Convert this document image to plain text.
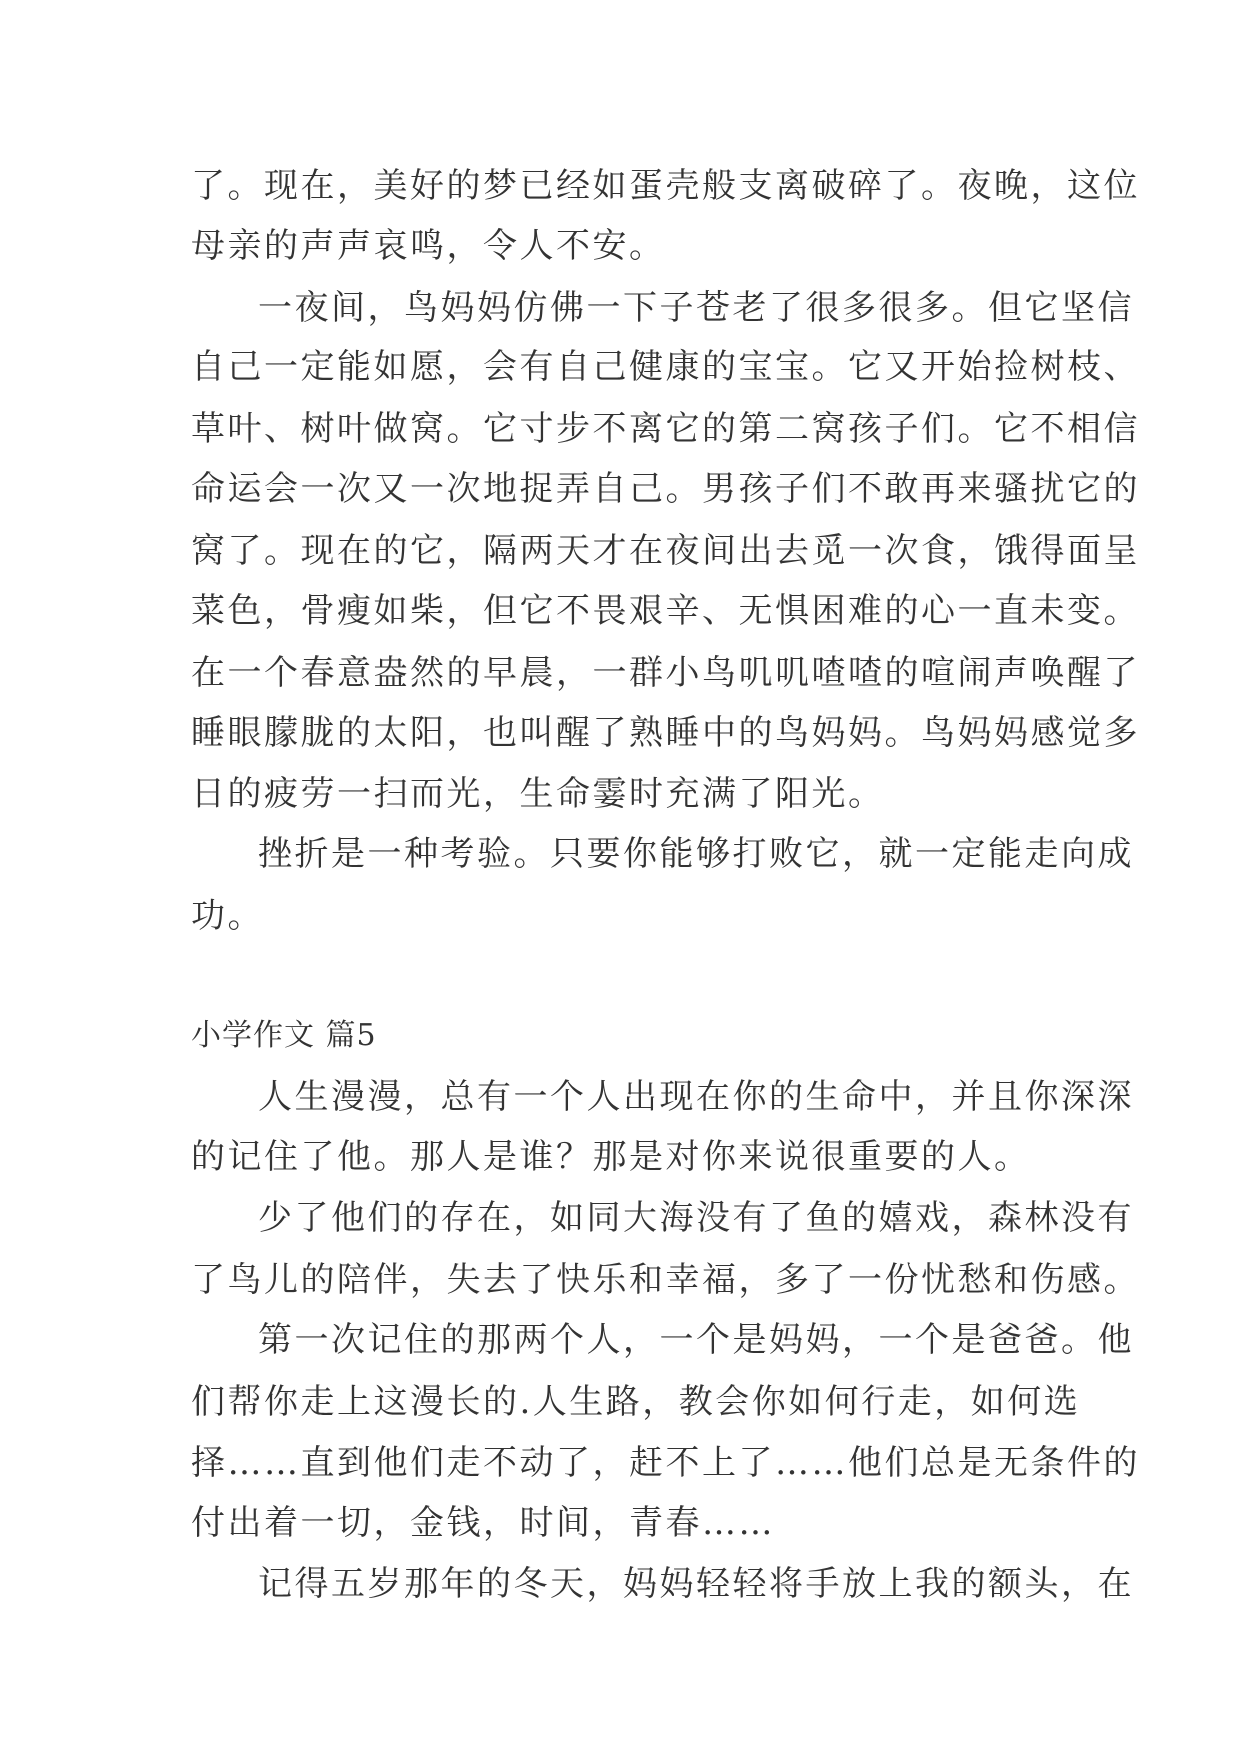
了。现在，美好的梦已经如蛋壳般支离破碎了。夜晚，这位
母亲的声声哀鸣，令人不安。
一夜间，鸟妈妈仿佛一下子苍老了很多很多。但它坚信
自己一定能如愿，会有自己健康的宝宝。它又开始捡树枝、
草叶、树叶做窝。它寸步不离它的第二窝孩子们。它不相信
命运会一次又一次地捉弄自己。男孩子们不敢再来骚扰它的
窝了。现在的它，隔两天才在夜间出去觅一次食，饿得面呈
菜色，骨瘦如柴，但它不畏艰辛、无惧困难的心一直未变。
在一个春意盎然的早晨，一群小鸟叽叽喳喳的喧闹声唤醒了
睡眼朦胧的太阳，也叫醒了熟睡中的鸟妈妈。鸟妈妈感觉多
日的疲劳一扫而光，生命霎时充满了阳光。
挫折是一种考验。只要你能够打败它，就一定能走向成
功。
小学作文 篇5
人生漫漫，总有一个人出现在你的生命中，并且你深深
的记住了他。那人是谁？那是对你来说很重要的人。
少了他们的存在，如同大海没有了鱼的嬉戏，森林没有
了鸟儿的陪伴，失去了快乐和幸福，多了一份忧愁和伤感。
第一次记住的那两个人，一个是妈妈，一个是爸爸。他
们帮你走上这漫长的.人生路，教会你如何行走，如何选
择……直到他们走不动了，赶不上了……他们总是无条件的
付出着一切，金钱，时间，青春……
记得五岁那年的冬天，妈妈轻轻将手放上我的额头，在
